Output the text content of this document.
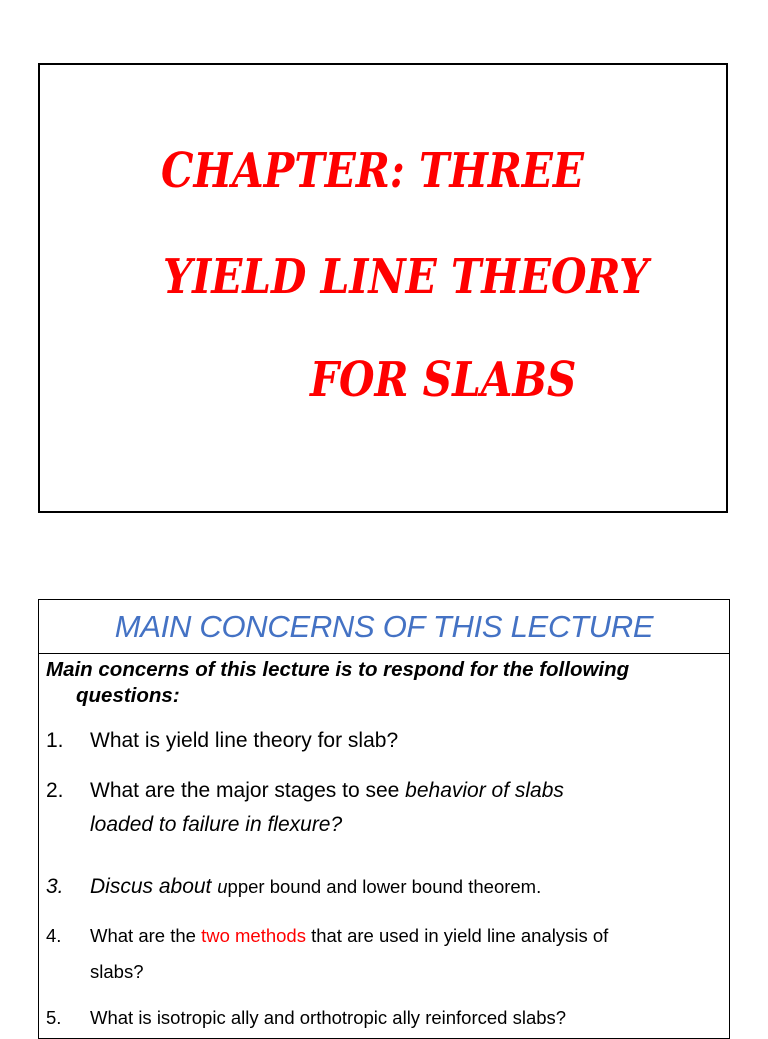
CHAPTER: THREE
YIELD LINE THEORY
FOR SLABS
MAIN CONCERNS OF THIS LECTURE
Main concerns of this lecture is to respond for the following
questions:
1. What is yield line theory for slab?
2. What are the major stages to see behavior of slabs
loaded to failure in flexure?
3. Discus about upper bound and lower bound theorem.
4. What are the two methods that are used in yield line analysis of
slabs?
5. What is isotropic ally and orthotropic ally reinforced slabs?
